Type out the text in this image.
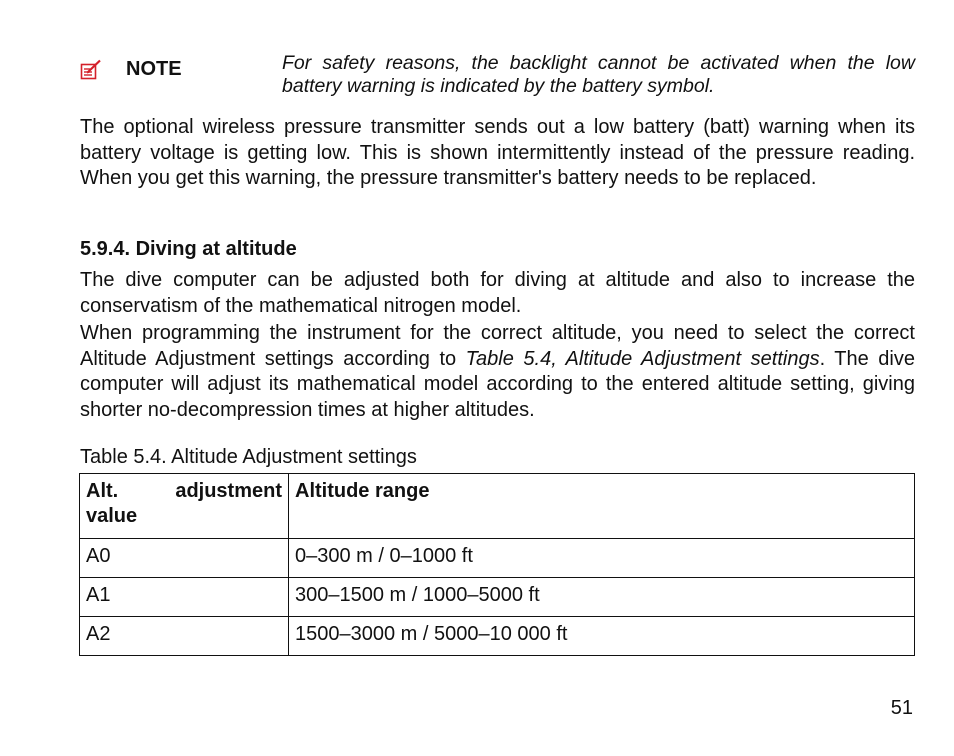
NOTE	For safety reasons, the backlight cannot be activated when the low battery warning is indicated by the battery symbol.

The optional wireless pressure transmitter sends out a low battery (batt) warning when its battery voltage is getting low. This is shown intermittently instead of the pressure reading. When you get this warning, the pressure transmitter's battery needs to be replaced.

5.9.4. Diving at altitude

The dive computer can be adjusted both for diving at altitude and also to increase the conservatism of the mathematical nitrogen model.

When programming the instrument for the correct altitude, you need to select the correct Altitude Adjustment settings according to Table 5.4, Altitude Adjustment settings. The dive computer will adjust its mathematical model according to the entered altitude setting, giving shorter no-decompression times at higher altitudes.

Table 5.4. Altitude Adjustment settings

Alt. adjustment value	Altitude range
A0	0–300 m / 0–1000 ft
A1	300–1500 m / 1000–5000 ft
A2	1500–3000 m / 5000–10 000 ft
51
